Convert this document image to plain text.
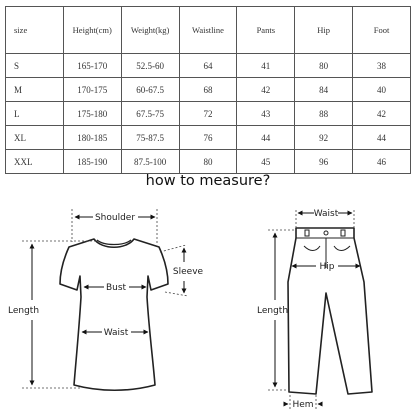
size	Height(cm)	Weight(kg)	Waistline	Pants	Hip	Foot
S	165-170	52.5-60	64	41	80	38
M	170-175	60-67.5	68	42	84	40
L	175-180	67.5-75	72	43	88	42
XL	180-185	75-87.5	76	44	92	44
XXL	185-190	87.5-100	80	45	96	46
how to measure?
Shoulder
Sleeve
Bust
Length
Waist
Waist
Hip
Length
Hem
